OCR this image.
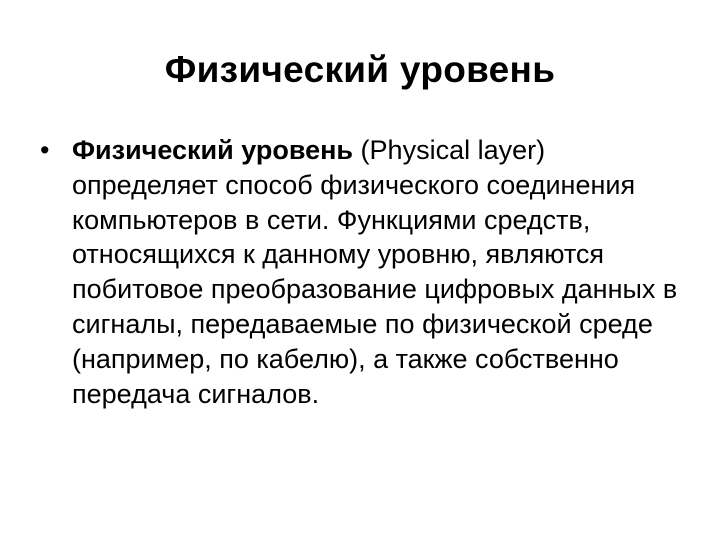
Физический уровень
• Физический уровень (Physical layer) определяет способ физического соединения компьютеров в сети. Функциями средств, относящихся к данному уровню, являются побитовое преобразование цифровых данных в сигналы, передаваемые по физической среде (например, по кабелю), а также собственно передача сигналов.
